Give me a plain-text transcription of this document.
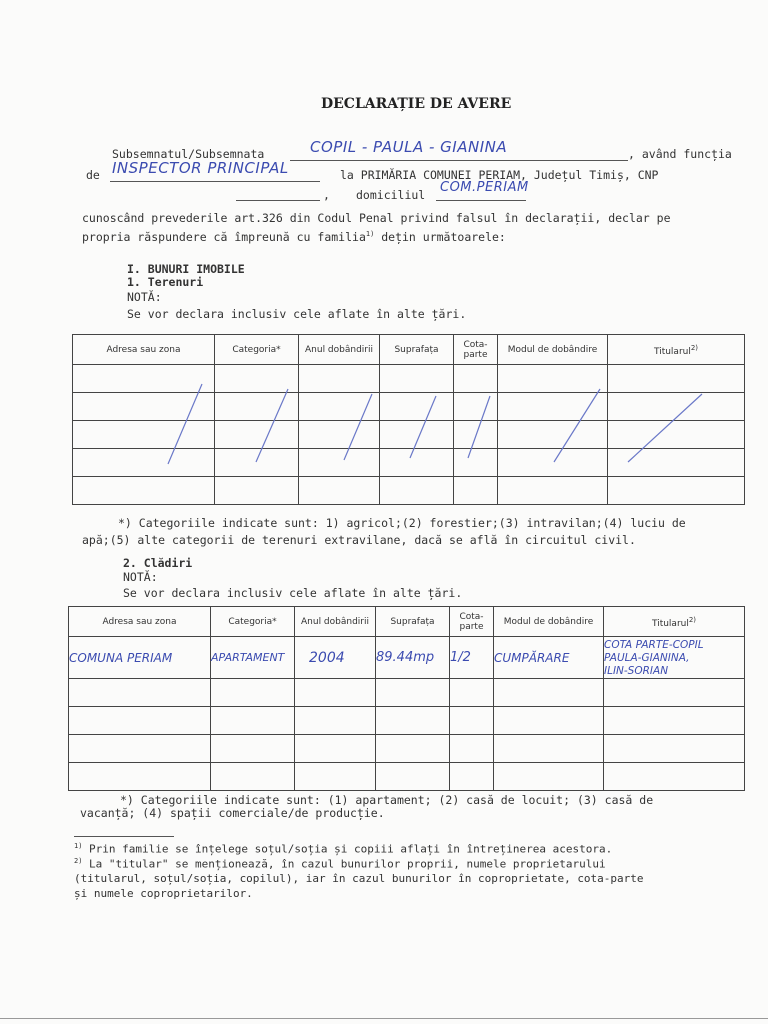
DECLARAȚIE DE AVERE
Subsemnatul/Subsemnata	COPIL - PAULA - GIANINA	, având funcția
de INSPECTOR PRINCIPAL	la PRIMĂRIA COMUNEI PERIAM, Județul Timiș, CNP
, domiciliul COM.PERIAM
cunoscând prevederile art.326 din Codul Penal privind falsul în declarații, declar pe
propria răspundere că împreună cu familia$^{1)}$ dețin următoarele:
I. BUNURI IMOBILE
1. Terenuri
NOTĂ:
Se vor declara inclusiv cele aflate în alte țări.
Adresa sau zona	Categoria*	Anul dobândirii	Suprafața	Cota-parte	Modul de dobândire	Titularul$^{2)}$

*) Categoriile indicate sunt: 1) agricol;(2) forestier;(3) intravilan;(4) luciu de
apă;(5) alte categorii de terenuri extravilane, dacă se află în circuitul civil.
2. Clădiri
NOTĂ:
Se vor declara inclusiv cele aflate în alte țări.
Adresa sau zona	Categoria*	Anul dobândirii	Suprafața	Cota-parte	Modul de dobândire	Titularul$^{2)}$
COMUNA PERIAM	APARTAMENT	2004	89.44mp	1/2	CUMPĂRARE	COTA PARTE-COPIL
PAULA-GIANINA,
ILIN-SORIAN

*) Categoriile indicate sunt: (1) apartament; (2) casă de locuit; (3) casă de
vacanță; (4) spații comerciale/de producție.
$^{1)}$ Prin familie se înțelege soțul/soția și copiii aflați în întreținerea acestora.
$^{2)}$ La "titular" se menționează, în cazul bunurilor proprii, numele proprietarului
(titularul, soțul/soția, copilul), iar în cazul bunurilor în coproprietate, cota-parte
și numele coproprietarilor.
